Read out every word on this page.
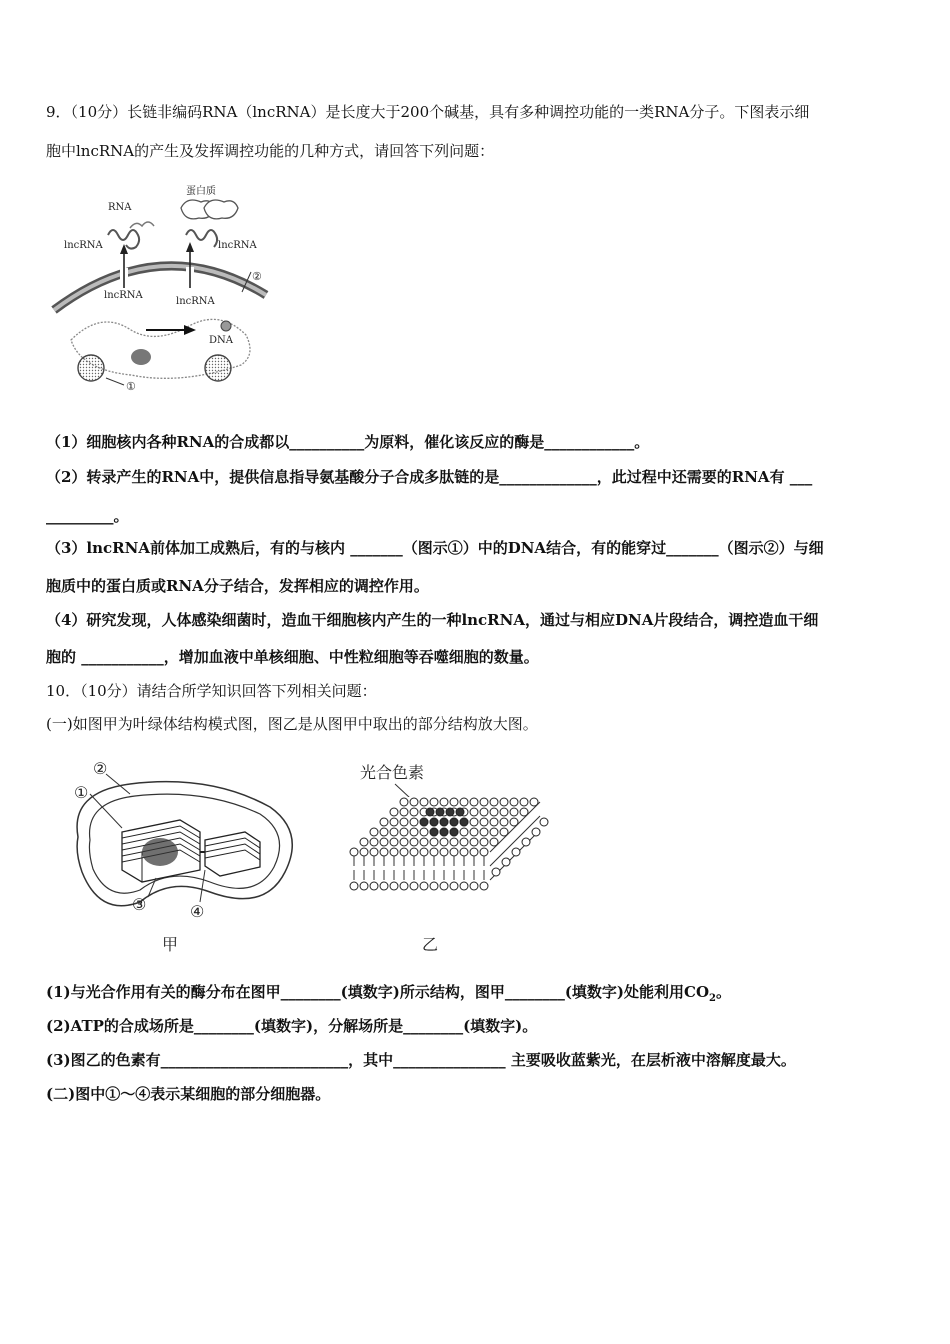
9．（10分）长链非编码RNA（lncRNA）是长度大于200个碱基，具有多种调控功能的一类RNA分子。下图表示细
胞中lncRNA的产生及发挥调控功能的几种方式，请回答下列问题：
RNA
蛋白质
lncRNA	lncRNA
lncRNA
lncRNA
②
DNA
①
（1）细胞核内各种RNA的合成都以__________为原料，催化该反应的酶是____________。
（2）转录产生的RNA中，提供信息指导氨基酸分子合成多肽链的是_____________，此过程中还需要的RNA有 ___
_________。
（3）lncRNA前体加工成熟后，有的与核内 _______（图示①）中的DNA结合，有的能穿过_______（图示②）与细
胞质中的蛋白质或RNA分子结合，发挥相应的调控作用。
（4）研究发现，人体感染细菌时，造血干细胞核内产生的一种lncRNA，通过与相应DNA片段结合，调控造血干细
胞的 ___________，增加血液中单核细胞、中性粒细胞等吞噬细胞的数量。
10．（10分）请结合所学知识回答下列相关问题：
(一)如图甲为叶绿体结构模式图，图乙是从图甲中取出的部分结构放大图。
②
①
③	④
甲
光合色素
乙
(1)与光合作用有关的酶分布在图甲________(填数字)所示结构，图甲________(填数字)处能利用$CO_2$。
(2)ATP的合成场所是________(填数字)，分解场所是________(填数字)。
(3)图乙的色素有_________________________，其中_______________ 主要吸收蓝紫光，在层析液中溶解度最大。
(二)图中①～④表示某细胞的部分细胞器。
